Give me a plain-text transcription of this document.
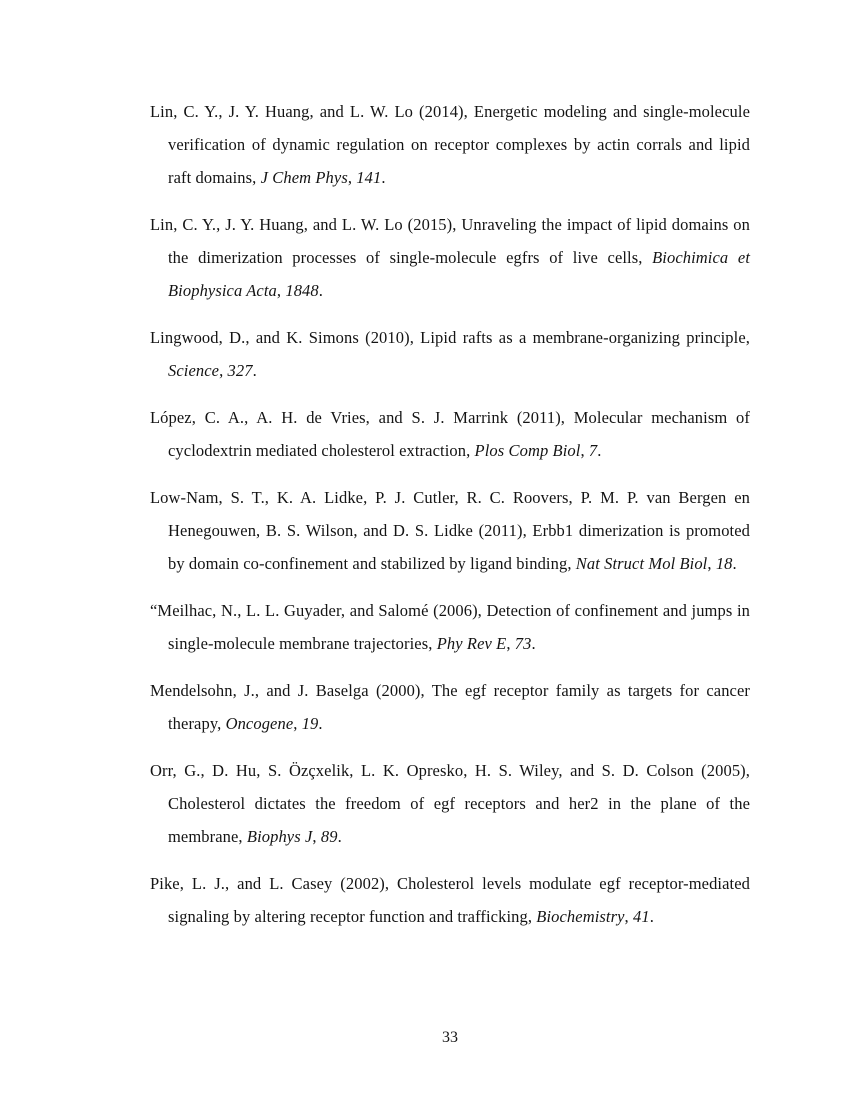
Lin, C. Y., J. Y. Huang, and L. W. Lo (2014), Energetic modeling and single-molecule verification of dynamic regulation on receptor complexes by actin corrals and lipid raft domains, J Chem Phys, 141.

Lin, C. Y., J. Y. Huang, and L. W. Lo (2015), Unraveling the impact of lipid domains on the dimerization processes of single-molecule egfrs of live cells, Biochimica et Biophysica Acta, 1848.

Lingwood, D., and K. Simons (2010), Lipid rafts as a membrane-organizing principle, Science, 327.

López, C. A., A. H. de Vries, and S. J. Marrink (2011), Molecular mechanism of cyclodextrin mediated cholesterol extraction, Plos Comp Biol, 7.

Low-Nam, S. T., K. A. Lidke, P. J. Cutler, R. C. Roovers, P. M. P. van Bergen en Henegouwen, B. S. Wilson, and D. S. Lidke (2011), Erbb1 dimerization is promoted by domain co-confinement and stabilized by ligand binding, Nat Struct Mol Biol, 18.

“Meilhac, N., L. L. Guyader, and Salomé (2006), Detection of confinement and jumps in single-molecule membrane trajectories, Phy Rev E, 73.

Mendelsohn, J., and J. Baselga (2000), The egf receptor family as targets for cancer therapy, Oncogene, 19.

Orr, G., D. Hu, S. Özçxelik, L. K. Opresko, H. S. Wiley, and S. D. Colson (2005), Cholesterol dictates the freedom of egf receptors and her2 in the plane of the membrane, Biophys J, 89.

Pike, L. J., and L. Casey (2002), Cholesterol levels modulate egf receptor-mediated signaling by altering receptor function and trafficking, Biochemistry, 41.

33
